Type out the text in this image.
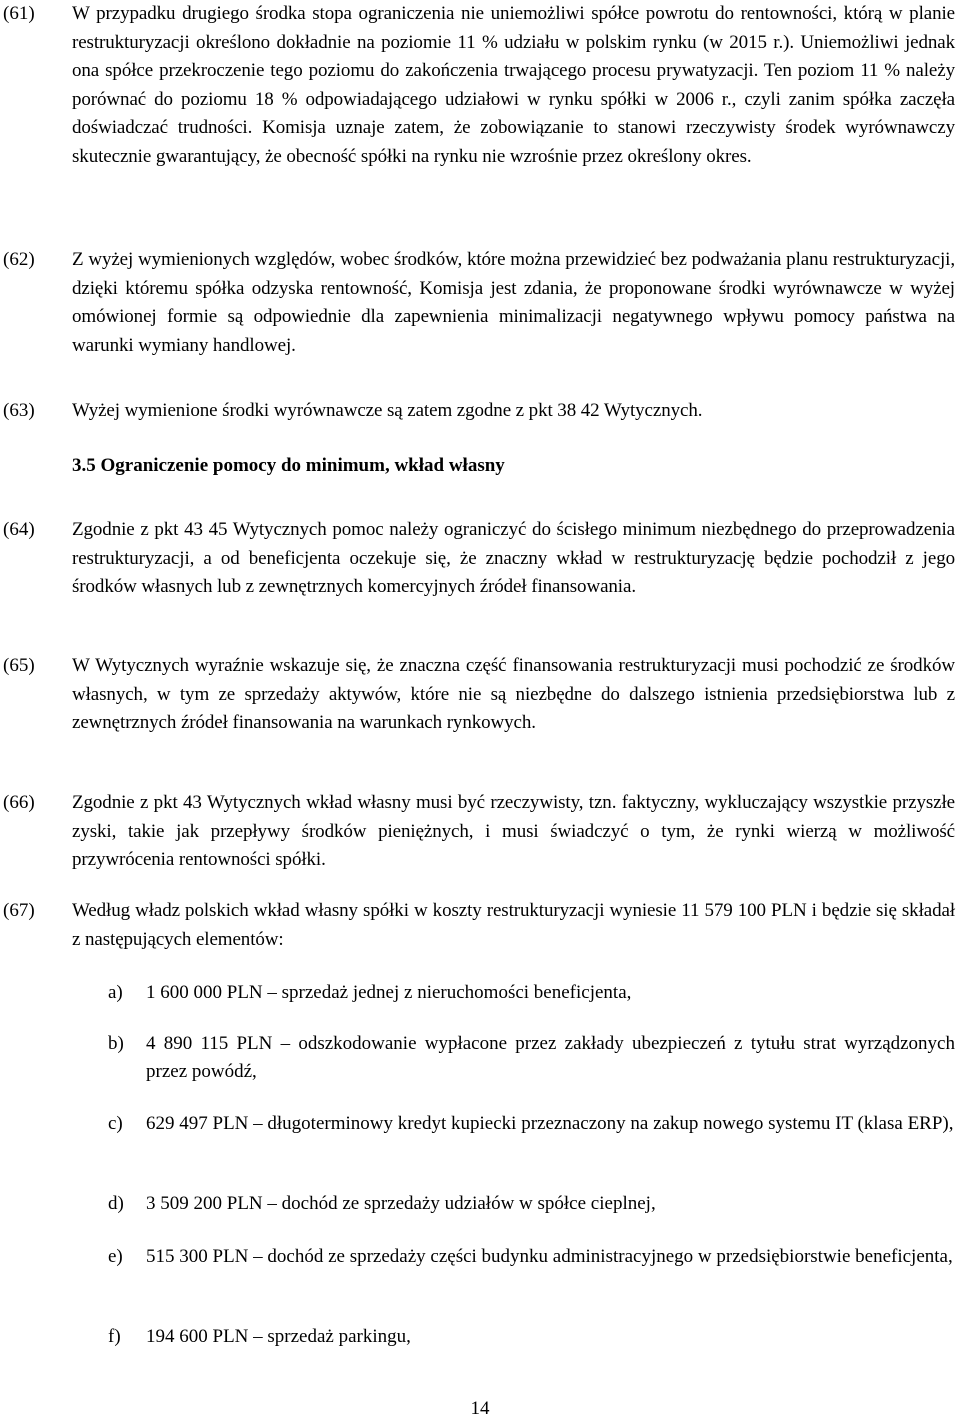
(61) W przypadku drugiego środka stopa ograniczenia nie uniemożliwi spółce powrotu do rentowności, którą w planie restrukturyzacji określono dokładnie na poziomie 11 % udziału w polskim rynku (w 2015 r.). Uniemożliwi jednak ona spółce przekroczenie tego poziomu do zakończenia trwającego procesu prywatyzacji. Ten poziom 11 % należy porównać do poziomu 18 % odpowiadającego udziałowi w rynku spółki w 2006 r., czyli zanim spółka zaczęła doświadczać trudności. Komisja uznaje zatem, że zobowiązanie to stanowi rzeczywisty środek wyrównawczy skutecznie gwarantujący, że obecność spółki na rynku nie wzrośnie przez określony okres.
(62) Z wyżej wymienionych względów, wobec środków, które można przewidzieć bez podważania planu restrukturyzacji, dzięki któremu spółka odzyska rentowność, Komisja jest zdania, że proponowane środki wyrównawcze w wyżej omówionej formie są odpowiednie dla zapewnienia minimalizacji negatywnego wpływu pomocy państwa na warunki wymiany handlowej.
(63) Wyżej wymienione środki wyrównawcze są zatem zgodne z pkt 38 42 Wytycznych.
3.5 Ograniczenie pomocy do minimum, wkład własny
(64) Zgodnie z pkt 43 45 Wytycznych pomoc należy ograniczyć do ścisłego minimum niezbędnego do przeprowadzenia restrukturyzacji, a od beneficjenta oczekuje się, że znaczny wkład w restrukturyzację będzie pochodził z jego środków własnych lub z zewnętrznych komercyjnych źródeł finansowania.
(65) W Wytycznych wyraźnie wskazuje się, że znaczna część finansowania restrukturyzacji musi pochodzić ze środków własnych, w tym ze sprzedaży aktywów, które nie są niezbędne do dalszego istnienia przedsiębiorstwa lub z zewnętrznych źródeł finansowania na warunkach rynkowych.
(66) Zgodnie z pkt 43 Wytycznych wkład własny musi być rzeczywisty, tzn. faktyczny, wykluczający wszystkie przyszłe zyski, takie jak przepływy środków pieniężnych, i musi świadczyć o tym, że rynki wierzą w możliwość przywrócenia rentowności spółki.
(67) Według władz polskich wkład własny spółki w koszty restrukturyzacji wyniesie 11 579 100 PLN i będzie się składał z następujących elementów:
a) 1 600 000 PLN – sprzedaż jednej z nieruchomości beneficjenta,
b) 4 890 115 PLN – odszkodowanie wypłacone przez zakłady ubezpieczeń z tytułu strat wyrządzonych przez powódź,
c) 629 497 PLN – długoterminowy kredyt kupiecki przeznaczony na zakup nowego systemu IT (klasa ERP),
d) 3 509 200 PLN – dochód ze sprzedaży udziałów w spółce cieplnej,
e) 515 300 PLN – dochód ze sprzedaży części budynku administracyjnego w przedsiębiorstwie beneficjenta,
f) 194 600 PLN – sprzedaż parkingu,
14
